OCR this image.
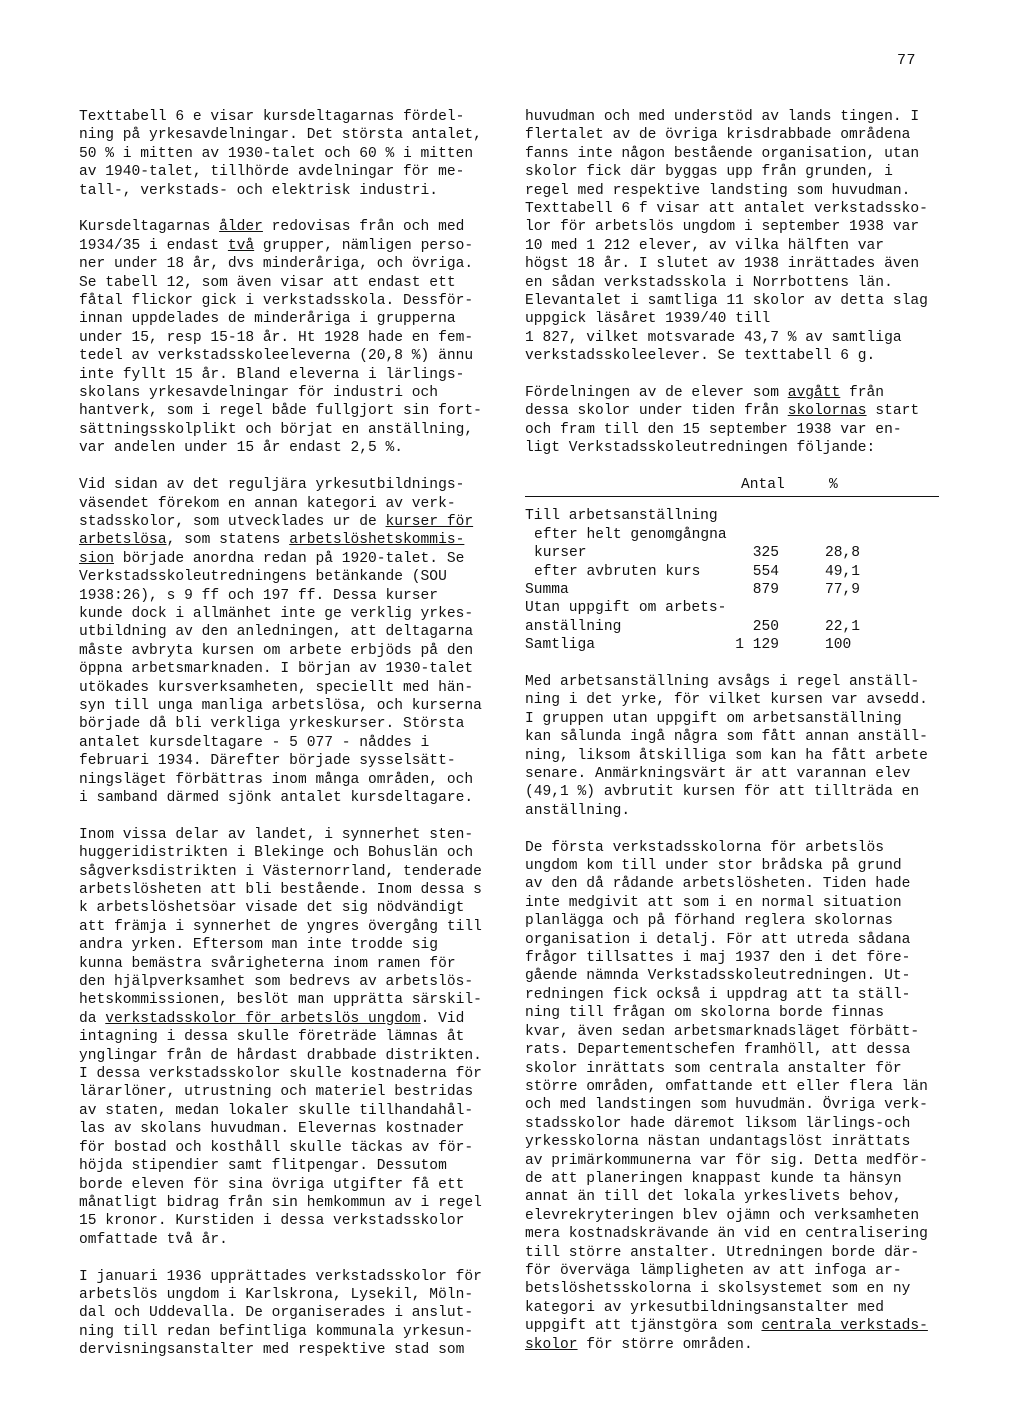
77
Texttabell 6 e visar kursdeltagarnas fördel-
ning på yrkesavdelningar. Det största antalet,
50 % i mitten av 1930-talet och 60 % i mitten
av 1940-talet, tillhörde avdelningar för me-
tall-, verkstads- och elektrisk industri.
Kursdeltagarnas ålder redovisas från och med
1934/35 i endast två grupper, nämligen perso-
ner under 18 år, dvs minderåriga, och övriga.
Se tabell 12, som även visar att endast ett
fåtal flickor gick i verkstadsskola. Dessför-
innan uppdelades de minderåriga i grupperna
under 15, resp 15-18 år. Ht 1928 hade en fem-
tedel av verkstadsskoleeleverna (20,8 %) ännu
inte fyllt 15 år. Bland eleverna i lärlings-
skolans yrkesavdelningar för industri och
hantverk, som i regel både fullgjort sin fort-
sättningsskolplikt och börjat en anställning,
var andelen under 15 år endast 2,5 %.
Vid sidan av det reguljära yrkesutbildnings-
väsendet förekom en annan kategori av verk-
stadsskolor, som utvecklades ur de kurser för
arbetslösa, som statens arbetslöshetskommis-
sion började anordna redan på 1920-talet. Se
Verkstadsskoleutredningens betänkande (SOU
1938:26), s 9 ff och 197 ff. Dessa kurser
kunde dock i allmänhet inte ge verklig yrkes-
utbildning av den anledningen, att deltagarna
måste avbryta kursen om arbete erbjöds på den
öppna arbetsmarknaden. I början av 1930-talet
utökades kursverksamheten, speciellt med hän-
syn till unga manliga arbetslösa, och kurserna
började då bli verkliga yrkeskurser. Största
antalet kursdeltagare - 5 077 - nåddes i
februari 1934. Därefter började sysselsätt-
ningsläget förbättras inom många områden, och
i samband därmed sjönk antalet kursdeltagare.
Inom vissa delar av landet, i synnerhet sten-
huggeridistrikten i Blekinge och Bohuslän och
sågverksdistrikten i Västernorrland, tenderade
arbetslösheten att bli bestående. Inom dessa s
k arbetslöshetsöar visade det sig nödvändigt
att främja i synnerhet de yngres övergång till
andra yrken. Eftersom man inte trodde sig
kunna bemästra svårigheterna inom ramen för
den hjälpverksamhet som bedrevs av arbetslös-
hetskommissionen, beslöt man upprätta särskil-
da verkstadsskolor för arbetslös ungdom. Vid
intagning i dessa skulle företräde lämnas åt
ynglingar från de hårdast drabbade distrikten.
I dessa verkstadsskolor skulle kostnaderna för
lärarlöner, utrustning och materiel bestridas
av staten, medan lokaler skulle tillhandahål-
las av skolans huvudman. Elevernas kostnader
för bostad och kosthåll skulle täckas av för-
höjda stipendier samt flitpengar. Dessutom
borde eleven för sina övriga utgifter få ett
månatligt bidrag från sin hemkommun av i regel
15 kronor. Kurstiden i dessa verkstadsskolor
omfattade två år.
I januari 1936 upprättades verkstadsskolor för
arbetslös ungdom i Karlskrona, Lysekil, Möln-
dal och Uddevalla. De organiserades i anslut-
ning till redan befintliga kommunala yrkesun-
dervisningsanstalter med respektive stad som
huvudman och med understöd av lands tingen. I
flertalet av de övriga krisdrabbade områdena
fanns inte någon bestående organisation, utan
skolor fick där byggas upp från grunden, i
regel med respektive landsting som huvudman.
Texttabell 6 f visar att antalet verkstadssko-
lor för arbetslös ungdom i september 1938 var
10 med 1 212 elever, av vilka hälften var
högst 18 år. I slutet av 1938 inrättades även
en sådan verkstadsskola i Norrbottens län.
Elevantalet i samtliga 11 skolor av detta slag
uppgick läsåret 1939/40 till
1 827, vilket motsvarade 43,7 % av samtliga
verkstadsskoleelever. Se texttabell 6 g.
Fördelningen av de elever som avgått från
dessa skolor under tiden från skolornas start
och fram till den 15 september 1938 var en-
ligt Verkstadsskoleutredningen följande:
Antal	%
Till arbetsanställning
efter helt genomgångna
kurser	325	28,8
efter avbruten kurs	554	49,1
Summa	879	77,9
Utan uppgift om arbets-
anställning	250	22,1
Samtliga	1 129	100
Med arbetsanställning avsågs i regel anställ-
ning i det yrke, för vilket kursen var avsedd.
I gruppen utan uppgift om arbetsanställning
kan sålunda ingå några som fått annan anställ-
ning, liksom åtskilliga som kan ha fått arbete
senare. Anmärkningsvärt är att varannan elev
(49,1 %) avbrutit kursen för att tillträda en
anställning.
De första verkstadsskolorna för arbetslös
ungdom kom till under stor brådska på grund
av den då rådande arbetslösheten. Tiden hade
inte medgivit att som i en normal situation
planlägga och på förhand reglera skolornas
organisation i detalj. För att utreda sådana
frågor tillsattes i maj 1937 den i det före-
gående nämnda Verkstadsskoleutredningen. Ut-
redningen fick också i uppdrag att ta ställ-
ning till frågan om skolorna borde finnas
kvar, även sedan arbetsmarknadsläget förbätt-
rats. Departementschefen framhöll, att dessa
skolor inrättats som centrala anstalter för
större områden, omfattande ett eller flera län
och med landstingen som huvudmän. Övriga verk-
stadsskolor hade däremot liksom lärlings-och
yrkesskolorna nästan undantagslöst inrättats
av primärkommunerna var för sig. Detta medför-
de att planeringen knappast kunde ta hänsyn
annat än till det lokala yrkeslivets behov,
elevrekryteringen blev ojämn och verksamheten
mera kostnadskrävande än vid en centralisering
till större anstalter. Utredningen borde där-
för överväga lämpligheten av att infoga ar-
betslöshetsskolorna i skolsystemet som en ny
kategori av yrkesutbildningsanstalter med
uppgift att tjänstgöra som centrala verkstads-
skolor för större områden.
